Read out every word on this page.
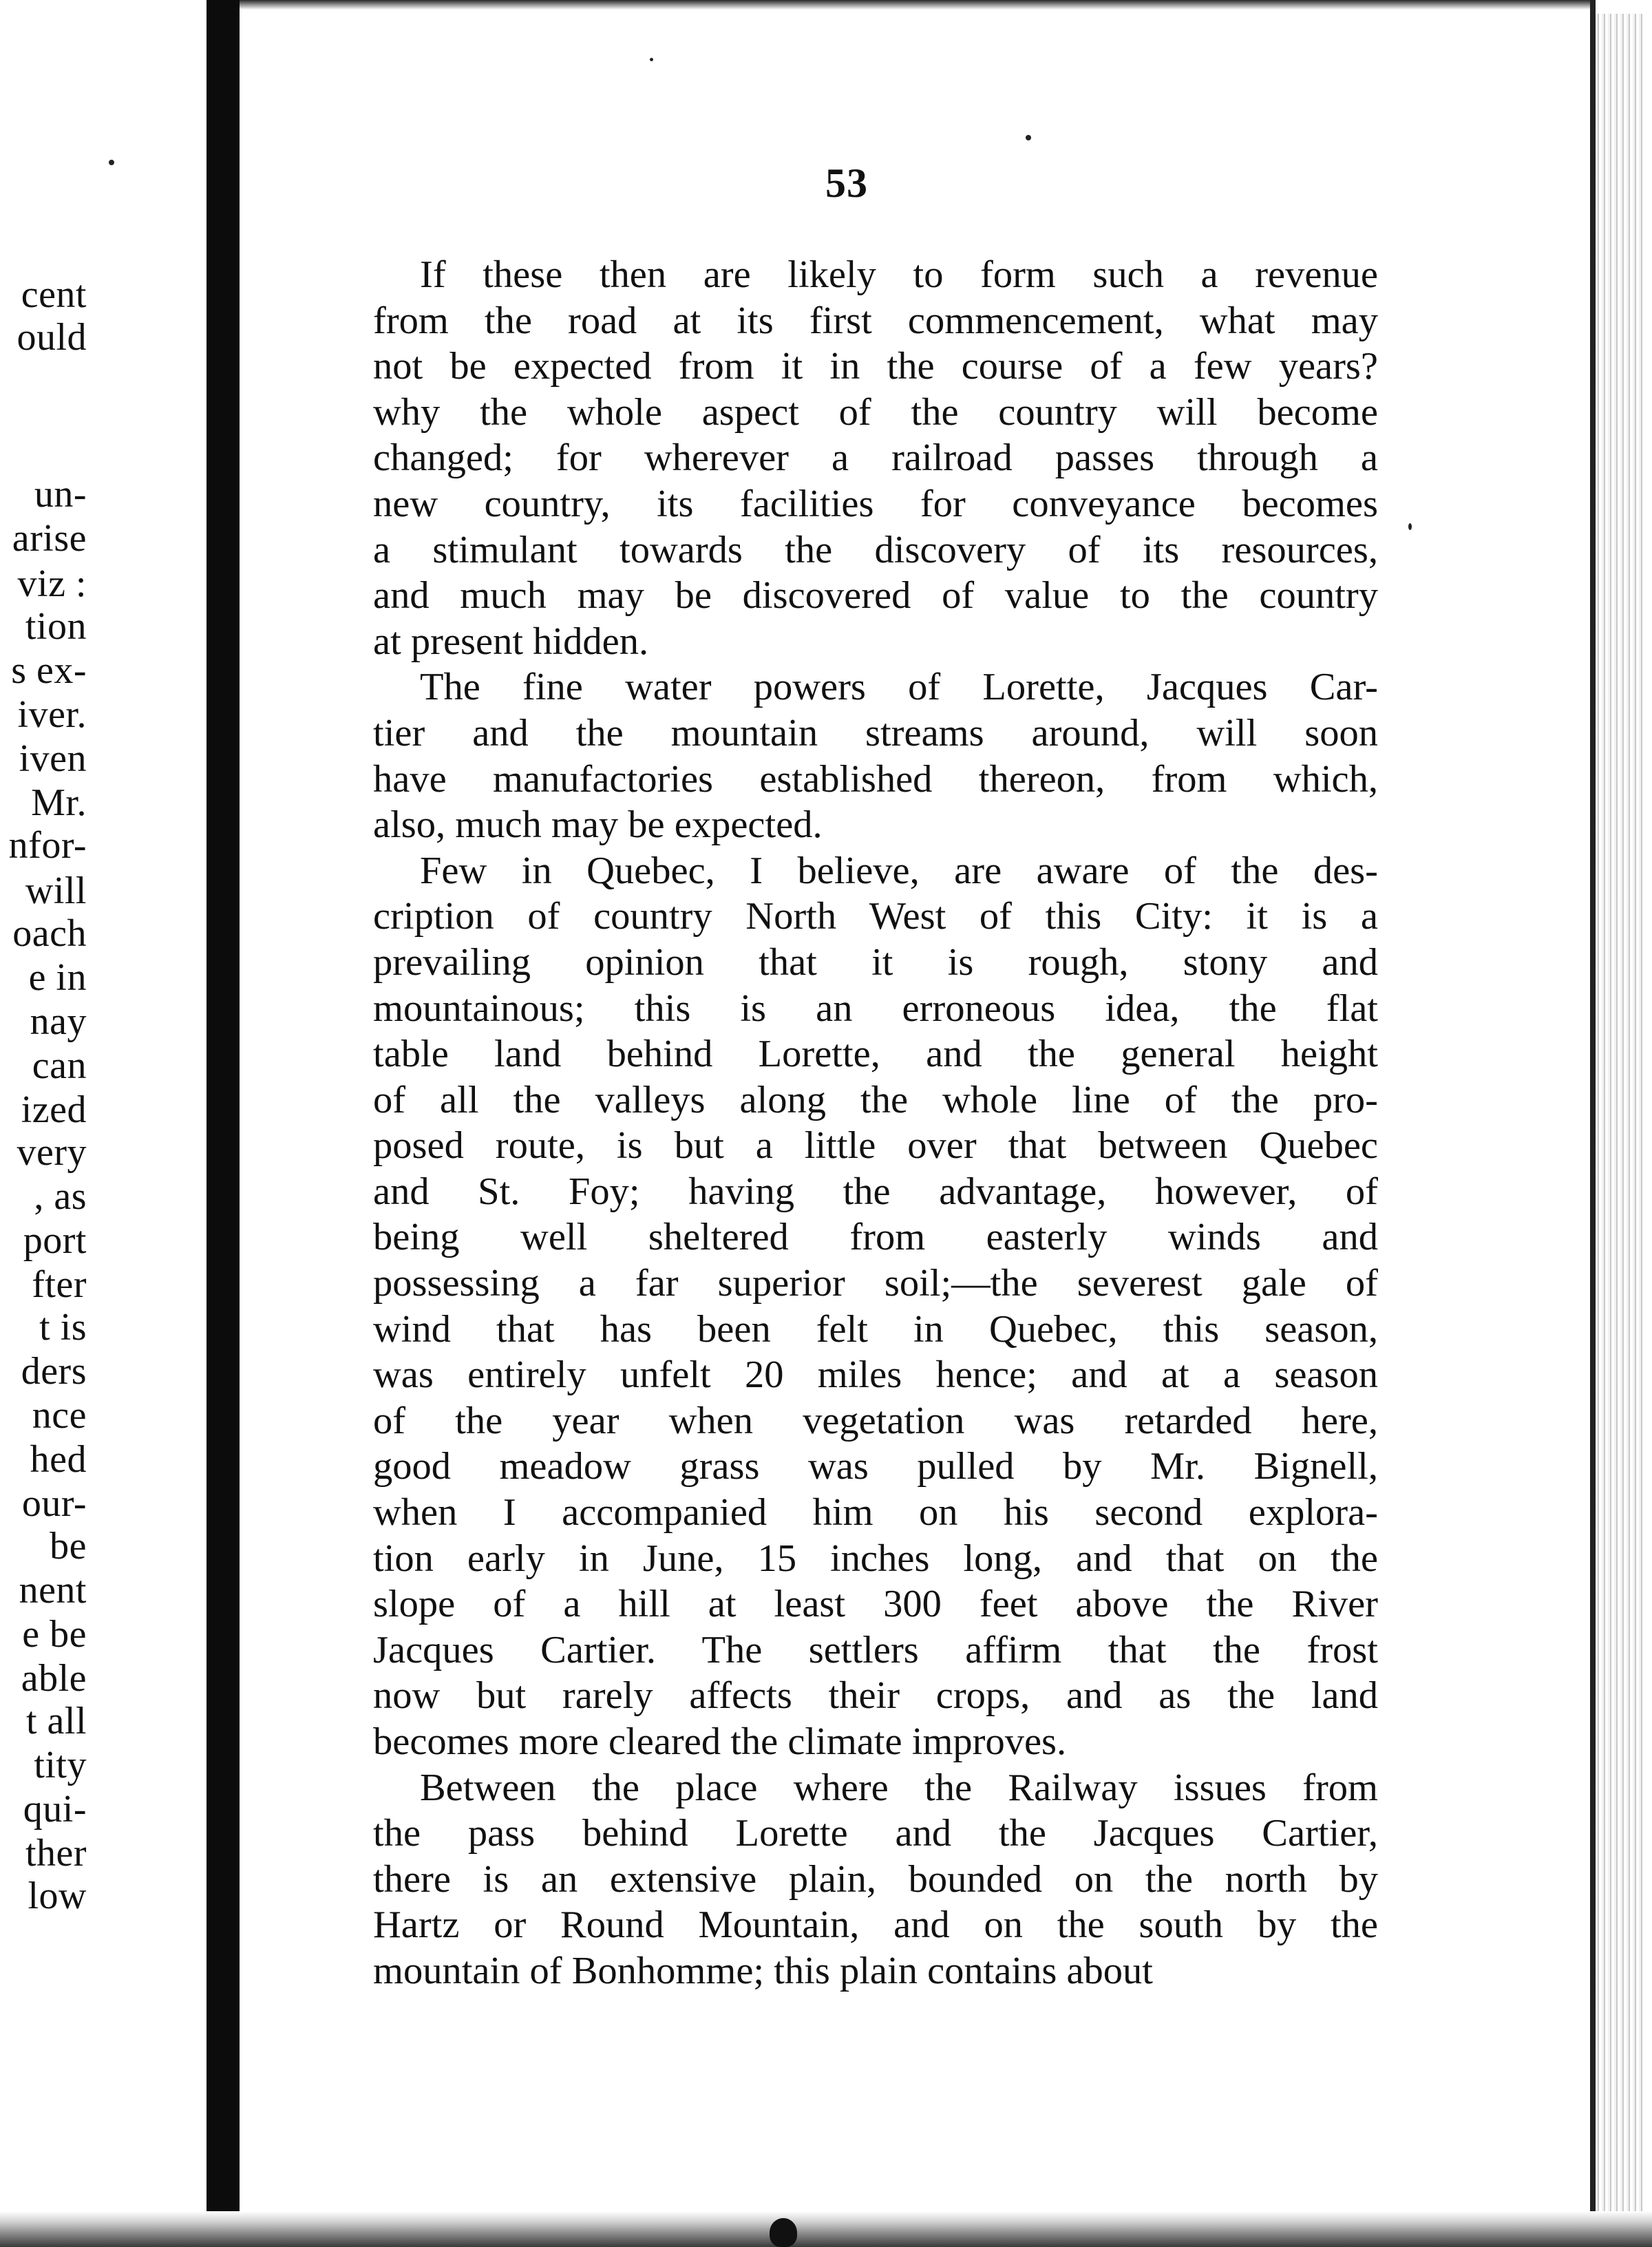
cent
ould
un-
arise
viz :
tion
s ex-
iver.
iven
Mr.
nfor-
will
oach
e in
nay
can
ized
very
, as
port
fter
t is
ders
nce
hed
our-
be
nent
e be
able
t all
tity
qui-
ther
low
53

If these then are likely to form such a revenue
from the road at its first commencement, what may
not be expected from it in the course of a few years?
why the whole aspect of the country will become
changed; for wherever a railroad passes through a
new country, its facilities for conveyance becomes
a stimulant towards the discovery of its resources,
and much may be discovered of value to the country
at present hidden.

The fine water powers of Lorette, Jacques Car-
tier and the mountain streams around, will soon
have manufactories established thereon, from which,
also, much may be expected.

Few in Quebec, I believe, are aware of the des-
cription of country North West of this City: it is a
prevailing opinion that it is rough, stony and
mountainous; this is an erroneous idea, the flat
table land behind Lorette, and the general height
of all the valleys along the whole line of the pro-
posed route, is but a little over that between Quebec
and St. Foy; having the advantage, however, of
being well sheltered from easterly winds and
possessing a far superior soil;—the severest gale of
wind that has been felt in Quebec, this season,
was entirely unfelt 20 miles hence; and at a season
of the year when vegetation was retarded here,
good meadow grass was pulled by Mr. Bignell,
when I accompanied him on his second explora-
tion early in June, 15 inches long, and that on the
slope of a hill at least 300 feet above the River
Jacques Cartier. The settlers affirm that the frost
now but rarely affects their crops, and as the land
becomes more cleared the climate improves.

Between the place where the Railway issues from
the pass behind Lorette and the Jacques Cartier,
there is an extensive plain, bounded on the north by
Hartz or Round Mountain, and on the south by the
mountain of Bonhomme; this plain contains about
